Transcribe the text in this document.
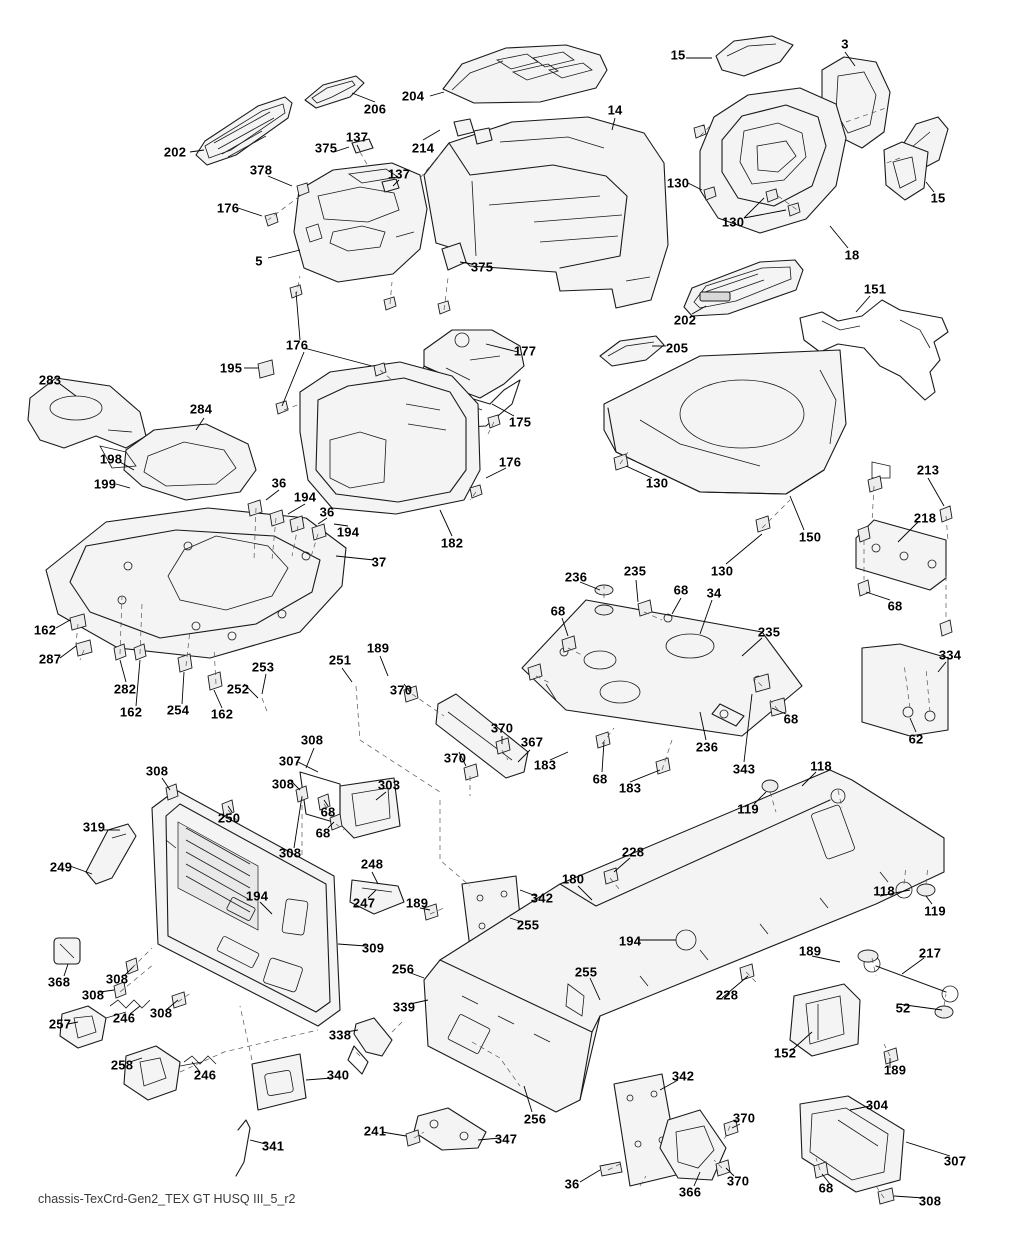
15
3
204
206	14
202
137
375	214
137
378
176
130
15
130
5	375
18
202
151
205
177
176
195
175
283
284
198
199	36
194
36
194
130
182
176
150
130
213
218
68
37
236	235
68 34
68
235
334
162
287
282
162 254 162
253
252
251
189
370
68
62
370
367
370
236
343
308
307
308	303
183
68
183
118
119
308
319
249
250	68
68
248
308
247 189
194
228
180
342
255
118
119
194
189	217
309
368	308
308
256
339
255
228
52
246 308
257
338
152
189
258
246	340	342
304
341
241
347
256	370
370
366
36	68
307
308
chassis-TexCrd-Gen2_TEX GT HUSQ III_5_r2
